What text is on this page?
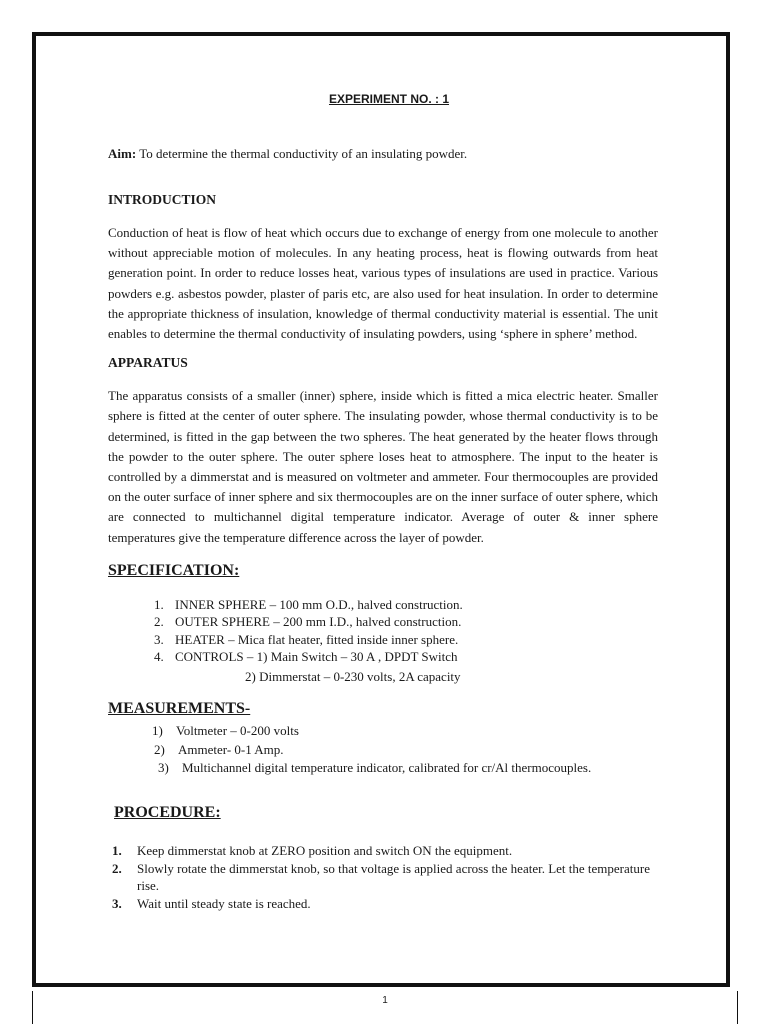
EXPERIMENT NO. : 1
Aim: To determine the thermal conductivity of an insulating powder.
INTRODUCTION
Conduction of heat is flow of heat which occurs due to exchange of energy from one molecule to another without appreciable motion of molecules. In any heating process, heat is flowing outwards from heat generation point. In order to reduce losses heat, various types of insulations are used in practice. Various powders e.g. asbestos powder, plaster of paris etc, are also used for heat insulation. In order to determine the appropriate thickness of insulation, knowledge of thermal conductivity material is essential. The unit enables to determine the thermal conductivity of insulating powders, using ‘sphere in sphere’ method.
APPARATUS
The apparatus consists of a smaller (inner) sphere, inside which is fitted a mica electric heater. Smaller sphere is fitted at the center of outer sphere. The insulating powder, whose thermal conductivity is to be determined, is fitted in the gap between the two spheres. The heat generated by the heater flows through the powder to the outer sphere. The outer sphere loses heat to atmosphere. The input to the heater is controlled by a dimmerstat and is measured on voltmeter and ammeter. Four thermocouples are provided on the outer surface of inner sphere and six thermocouples are on the inner surface of outer sphere, which are connected to multichannel digital temperature indicator. Average of outer & inner sphere temperatures give the temperature difference across the layer of powder.
SPECIFICATION:
1. INNER SPHERE – 100 mm O.D., halved construction.
2. OUTER SPHERE – 200 mm I.D., halved construction.
3. HEATER – Mica flat heater, fitted inside inner sphere.
4. CONTROLS – 1) Main Switch – 30 A , DPDT Switch
2) Dimmerstat – 0-230 volts, 2A capacity
MEASUREMENTS-
1) Voltmeter – 0-200 volts
2) Ammeter- 0-1 Amp.
3) Multichannel digital temperature indicator, calibrated for cr/Al thermocouples.
PROCEDURE:
1. Keep dimmerstat knob at ZERO position and switch ON the equipment.
2. Slowly rotate the dimmerstat knob, so that voltage is applied across the heater. Let the temperature rise.
3. Wait until steady state is reached.
1
